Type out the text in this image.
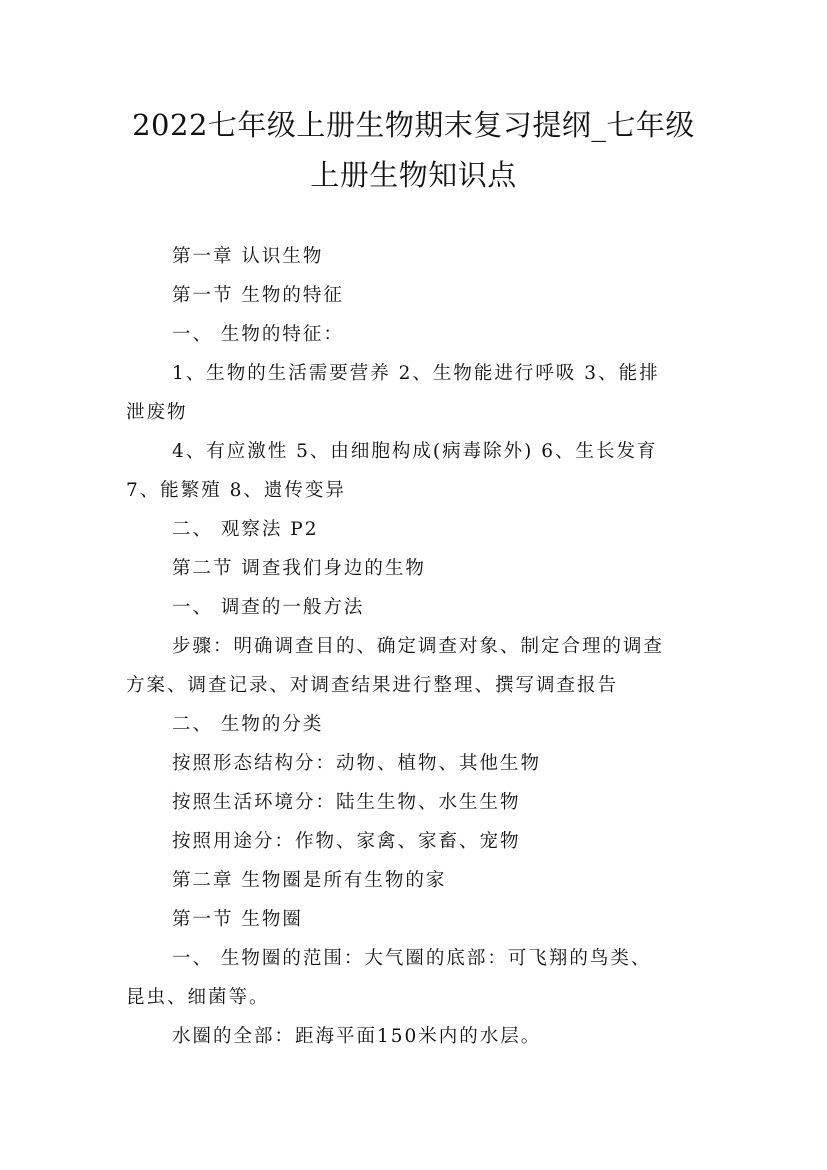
2022七年级上册生物期末复习提纲_七年级
上册生物知识点

第一章 认识生物

第一节 生物的特征

一、 生物的特征：

1、生物的生活需要营养 2、生物能进行呼吸 3、能排
泄废物

4、有应激性 5、由细胞构成(病毒除外) 6、生长发育
7、能繁殖 8、遗传变异

二、 观察法 P2

第二节 调查我们身边的生物

一、 调查的一般方法

步骤：明确调查目的、确定调查对象、制定合理的调查
方案、调查记录、对调查结果进行整理、撰写调查报告

二、 生物的分类

按照形态结构分：动物、植物、其他生物

按照生活环境分：陆生生物、水生生物

按照用途分：作物、家禽、家畜、宠物

第二章 生物圈是所有生物的家

第一节 生物圈

一、 生物圈的范围：大气圈的底部：可飞翔的鸟类、
昆虫、细菌等。

水圈的全部：距海平面150米内的水层。
